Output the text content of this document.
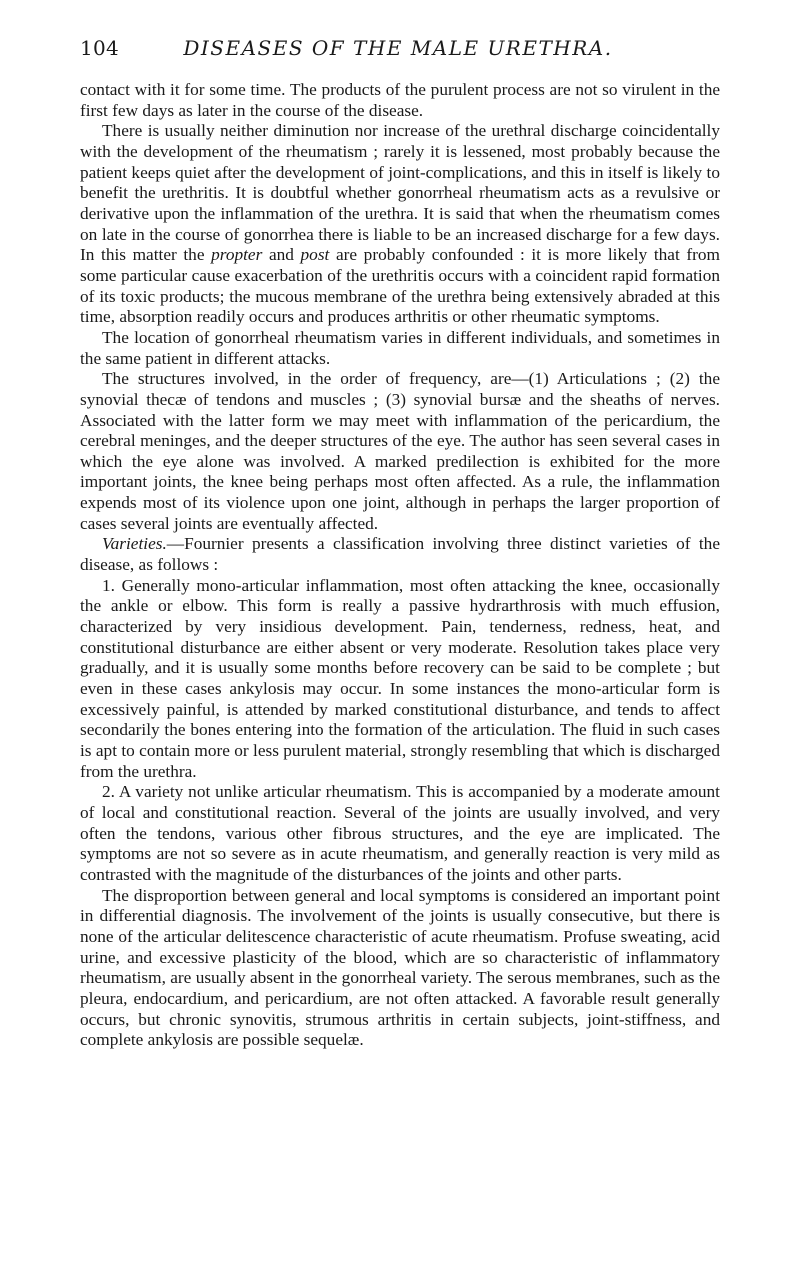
104	DISEASES OF THE MALE URETHRA.

contact with it for some time. The products of the purulent process are not so virulent in the first few days as later in the course of the disease.

There is usually neither diminution nor increase of the urethral discharge coincidentally with the development of the rheumatism ; rarely it is lessened, most probably because the patient keeps quiet after the development of joint-complications, and this in itself is likely to benefit the urethritis. It is doubtful whether gonorrheal rheumatism acts as a revulsive or derivative upon the inflammation of the urethra. It is said that when the rheumatism comes on late in the course of gonorrhea there is liable to be an increased discharge for a few days. In this matter the propter and post are probably confounded : it is more likely that from some particular cause exacerbation of the urethritis occurs with a coincident rapid formation of its toxic products; the mucous membrane of the urethra being extensively abraded at this time, absorption readily occurs and produces arthritis or other rheumatic symptoms.

The location of gonorrheal rheumatism varies in different individuals, and sometimes in the same patient in different attacks.

The structures involved, in the order of frequency, are—(1) Articulations ; (2) the synovial thecæ of tendons and muscles ; (3) synovial bursæ and the sheaths of nerves. Associated with the latter form we may meet with inflammation of the pericardium, the cerebral meninges, and the deeper structures of the eye. The author has seen several cases in which the eye alone was involved. A marked predilection is exhibited for the more important joints, the knee being perhaps most often affected. As a rule, the inflammation expends most of its violence upon one joint, although in perhaps the larger proportion of cases several joints are eventually affected.

Varieties.—Fournier presents a classification involving three distinct varieties of the disease, as follows :

1. Generally mono-articular inflammation, most often attacking the knee, occasionally the ankle or elbow. This form is really a passive hydrarthrosis with much effusion, characterized by very insidious development. Pain, tenderness, redness, heat, and constitutional disturbance are either absent or very moderate. Resolution takes place very gradually, and it is usually some months before recovery can be said to be complete ; but even in these cases ankylosis may occur. In some instances the mono-articular form is excessively painful, is attended by marked constitutional disturbance, and tends to affect secondarily the bones entering into the formation of the articulation. The fluid in such cases is apt to contain more or less purulent material, strongly resembling that which is discharged from the urethra.

2. A variety not unlike articular rheumatism. This is accompanied by a moderate amount of local and constitutional reaction. Several of the joints are usually involved, and very often the tendons, various other fibrous structures, and the eye are implicated. The symptoms are not so severe as in acute rheumatism, and generally reaction is very mild as contrasted with the magnitude of the disturbances of the joints and other parts.

The disproportion between general and local symptoms is considered an important point in differential diagnosis. The involvement of the joints is usually consecutive, but there is none of the articular delitescence characteristic of acute rheumatism. Profuse sweating, acid urine, and excessive plasticity of the blood, which are so characteristic of inflammatory rheumatism, are usually absent in the gonorrheal variety. The serous membranes, such as the pleura, endocardium, and pericardium, are not often attacked. A favorable result generally occurs, but chronic synovitis, strumous arthritis in certain subjects, joint-stiffness, and complete ankylosis are possible sequelæ.
